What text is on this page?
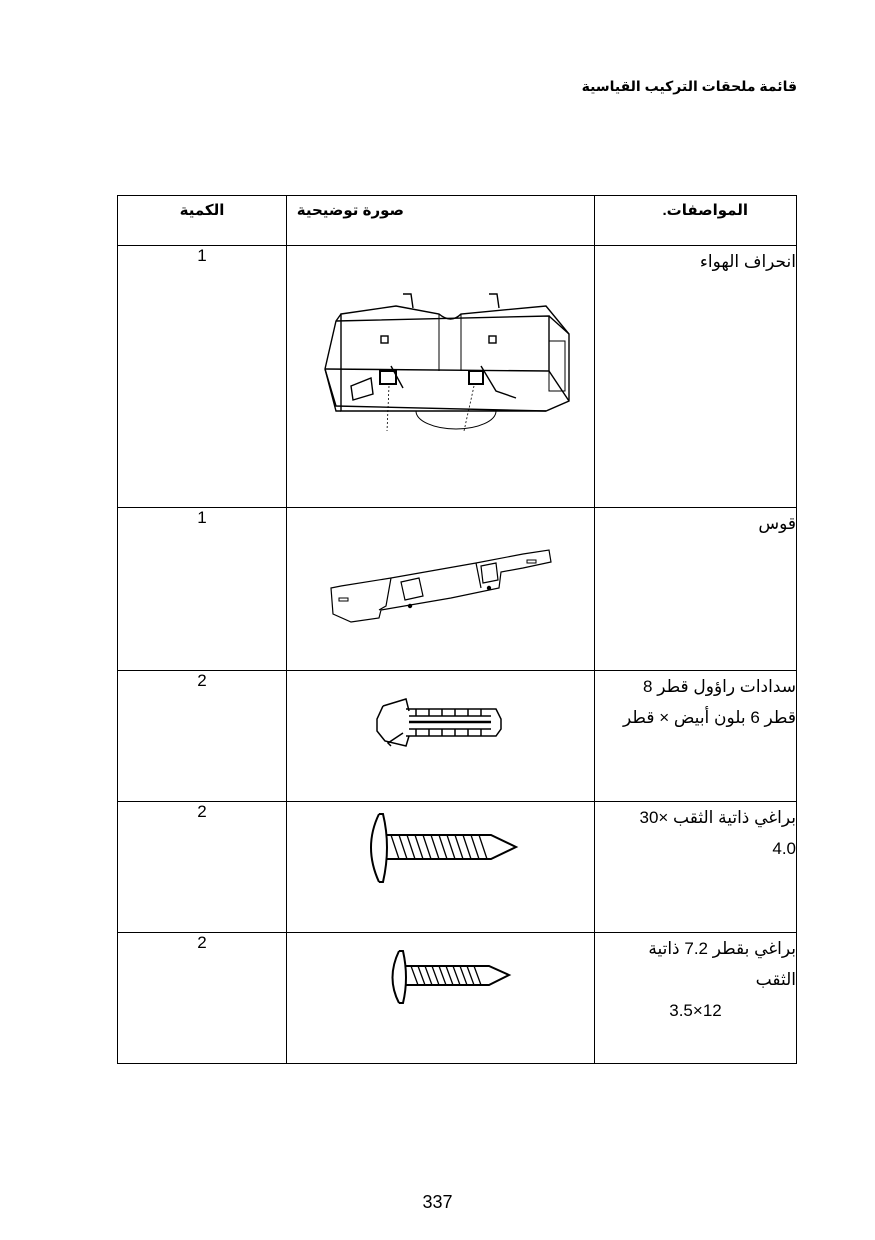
قائمة ملحقات التركيب القياسية
الكمية	صورة توضيحية	المواصفات.

1		انحراف الهواء

1		قوس

2		سدادات راؤول قطر 8
قطر 6 بلون أبيض × قطر

2		براغي ذاتية الثقب ×30
4.0

2		براغي بقطر 7.2 ذاتية
الثقب
12×3.5
337
